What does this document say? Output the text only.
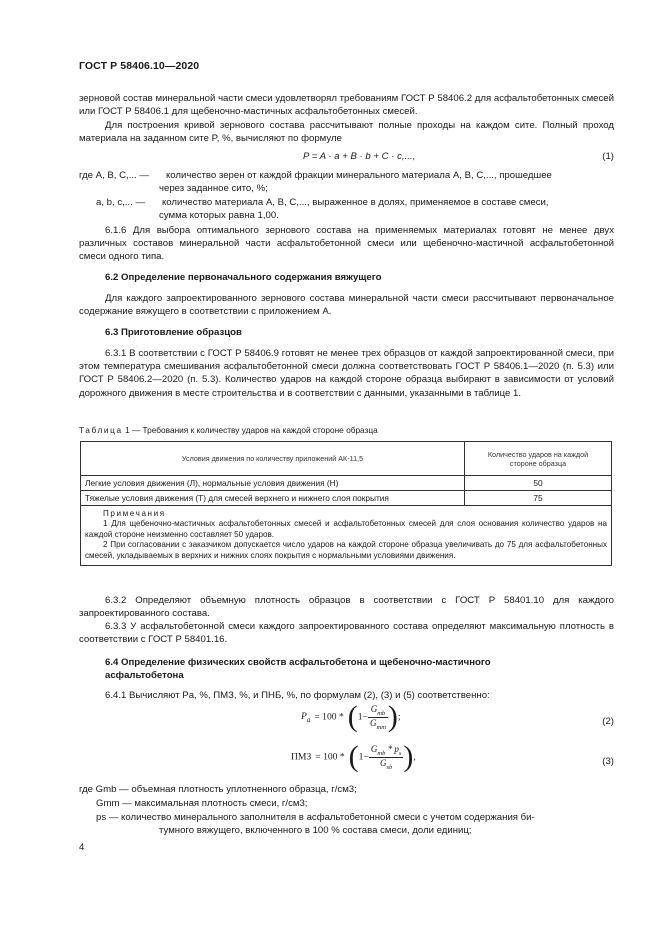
ГОСТ Р 58406.10—2020
зерновой состав минеральной части смеси удовлетворял требованиям ГОСТ Р 58406.2 для асфальтобетонных смесей или ГОСТ Р 58406.1 для щебеночно-мастичных асфальтобетонных смесей.
Для построения кривой зернового состава рассчитывают полные проходы на каждом сите. Полный проход материала на заданном сите P, %, вычисляют по формуле
P = A · a + B · b + C · c,...,	(1)
где A, B, C,... — количество зерен от каждой фракции минерального материала A, B, C,..., прошедшее
через заданное сито, %;
a, b, c,... — количество материала A, B, C,..., выраженное в долях, применяемое в составе смеси,
сумма которых равна 1,00.
6.1.6 Для выбора оптимального зернового состава на применяемых материалах готовят не менее двух различных составов минеральной части асфальтобетонной смеси или щебеночно-мастичной асфальтобетонной смеси одного типа.
6.2 Определение первоначального содержания вяжущего
Для каждого запроектированного зернового состава минеральной части смеси рассчитывают первоначальное содержание вяжущего в соответствии с приложением А.
6.3 Приготовление образцов
6.3.1 В соответствии с ГОСТ Р 58406.9 готовят не менее трех образцов от каждой запроектированной смеси, при этом температура смешивания асфальтобетонной смеси должна соответствовать ГОСТ Р 58406.1—2020 (п. 5.3) или ГОСТ Р 58406.2—2020 (п. 5.3). Количество ударов на каждой стороне образца выбирают в зависимости от условий дорожного движения в месте строительства и в соответствии с данными, указанными в таблице 1.
Таблица 1 — Требования к количеству ударов на каждой стороне образца
Условия движения по количеству приложений АК-11,5	Количество ударов на каждой стороне образца
Легкие условия движения (Л), нормальные условия движения (Н)	50
Тяжелые условия движения (Т) для смесей верхнего и нижнего слоя покрытия	75

Примечания
1 Для щебеночно-мастичных асфальтобетонных смесей и асфальтобетонных смесей для слоя основания количество ударов на каждой стороне неизменно составляет 50 ударов.
2 При согласовании с заказчиком допускается число ударов на каждой стороне образца увеличивать до 75 для асфальтобетонных смесей, укладываемых в верхних и нижних слоях покрытия с нормальными условиями движения.	
6.3.2 Определяют объемную плотность образцов в соответствии с ГОСТ Р 58401.10 для каждого запроектированного состава.
6.3.3 У асфальтобетонной смеси каждого запроектированного состава определяют максимальную плотность в соответствии с ГОСТ Р 58401.16.
6.4 Определение физических свойств асфальтобетона и щебеночно-мастичного
асфальтобетона
6.4.1 Вычисляют Pa, %, ПМЗ, %, и ПНБ, %, по формулам (2), (3) и (5) соответственно:
$P_a = 100 * (1- \frac{G_{mb}}{G_{mm}}$ );	(2)
ПМЗ = $100 * (1- \frac{G_{mb} * p_s}{G_{sb}}$ ),	(3)
где Gmb — объемная плотность уплотненного образца, г/см3;
Gmm — максимальная плотность смеси, г/см3;
ps — количество минерального заполнителя в асфальтобетонной смеси с учетом содержания би-
тумного вяжущего, включенного в 100 % состава смеси, доли единиц;
4
